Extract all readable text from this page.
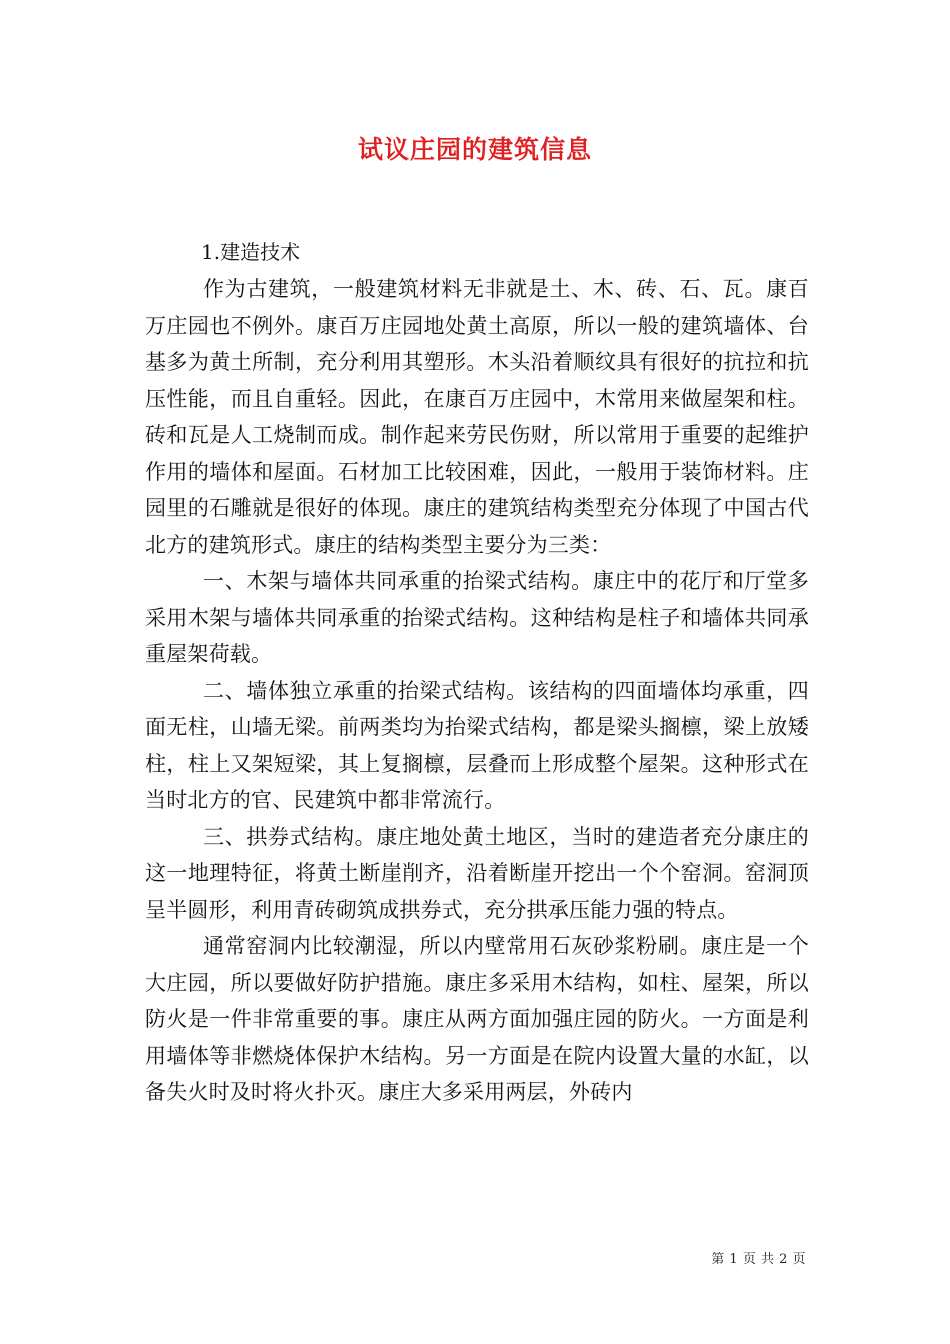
试议庄园的建筑信息
1.建造技术

作为古建筑，一般建筑材料无非就是土、木、砖、石、瓦。康百万庄园也不例外。康百万庄园地处黄土高原，所以一般的建筑墙体、台基多为黄土所制，充分利用其塑形。木头沿着顺纹具有很好的抗拉和抗压性能，而且自重轻。因此，在康百万庄园中，木常用来做屋架和柱。砖和瓦是人工烧制而成。制作起来劳民伤财，所以常用于重要的起维护作用的墙体和屋面。石材加工比较困难，因此，一般用于装饰材料。庄园里的石雕就是很好的体现。康庄的建筑结构类型充分体现了中国古代北方的建筑形式。康庄的结构类型主要分为三类：

一、木架与墙体共同承重的抬梁式结构。康庄中的花厅和厅堂多采用木架与墙体共同承重的抬梁式结构。这种结构是柱子和墙体共同承重屋架荷载。

二、墙体独立承重的抬梁式结构。该结构的四面墙体均承重，四面无柱，山墙无梁。前两类均为抬梁式结构，都是梁头搁檩，梁上放矮柱，柱上又架短梁，其上复搁檩，层叠而上形成整个屋架。这种形式在当时北方的官、民建筑中都非常流行。

三、拱券式结构。康庄地处黄土地区，当时的建造者充分康庄的这一地理特征，将黄土断崖削齐，沿着断崖开挖出一个个窑洞。窑洞顶呈半圆形，利用青砖砌筑成拱券式，充分拱承压能力强的特点。

通常窑洞内比较潮湿，所以内壁常用石灰砂浆粉刷。康庄是一个大庄园，所以要做好防护措施。康庄多采用木结构，如柱、屋架，所以防火是一件非常重要的事。康庄从两方面加强庄园的防火。一方面是利用墙体等非燃烧体保护木结构。另一方面是在院内设置大量的水缸，以备失火时及时将火扑灭。康庄大多采用两层，外砖内

第 1 页 共 2 页
